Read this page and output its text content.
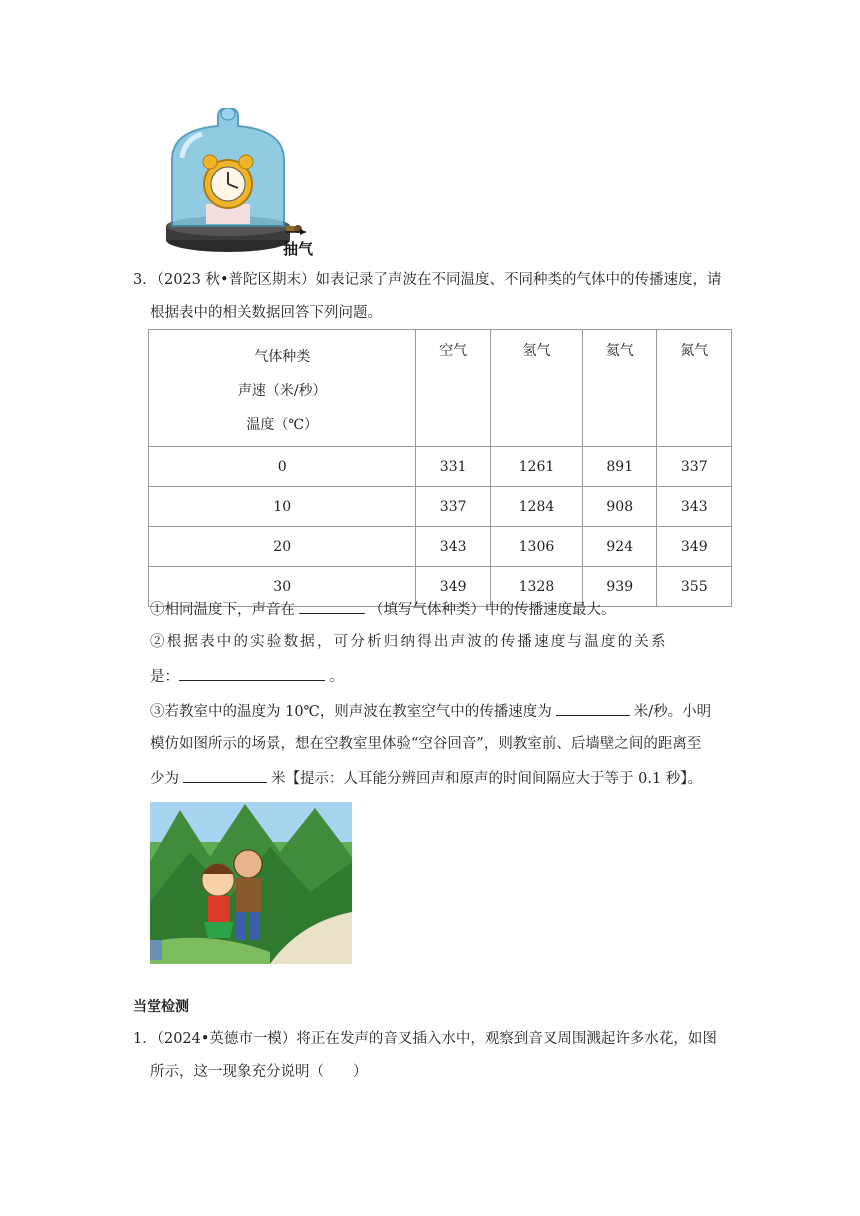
抽气
3．（2023 秋•普陀区期末）如表记录了声波在不同温度、不同种类的气体中的传播速度，请
根据表中的相关数据回答下列问题。
气体种类
声速（米/秒）
温度（℃）	空气	氢气	氦气	氮气
0	331	1261	891	337
10	337	1284	908	343
20	343	1306	924	349
30	349	1328	939	355
①相同温度下，声音在	（填写气体种类）中的传播速度最大。
②根据表中的实验数据，可分析归纳得出声波的传播速度与温度的关系
是：	。
③若教室中的温度为 10℃，则声波在教室空气中的传播速度为	米/秒。小明
模仿如图所示的场景，想在空教室里体验“空谷回音”，则教室前、后墙壁之间的距离至
少为	米【提示：人耳能分辨回声和原声的时间间隔应大于等于 0.1 秒】。
当堂检测
1．（2024•英德市一模）将正在发声的音叉插入水中，观察到音叉周围溅起许多水花，如图
所示，这一现象充分说明（　　）
